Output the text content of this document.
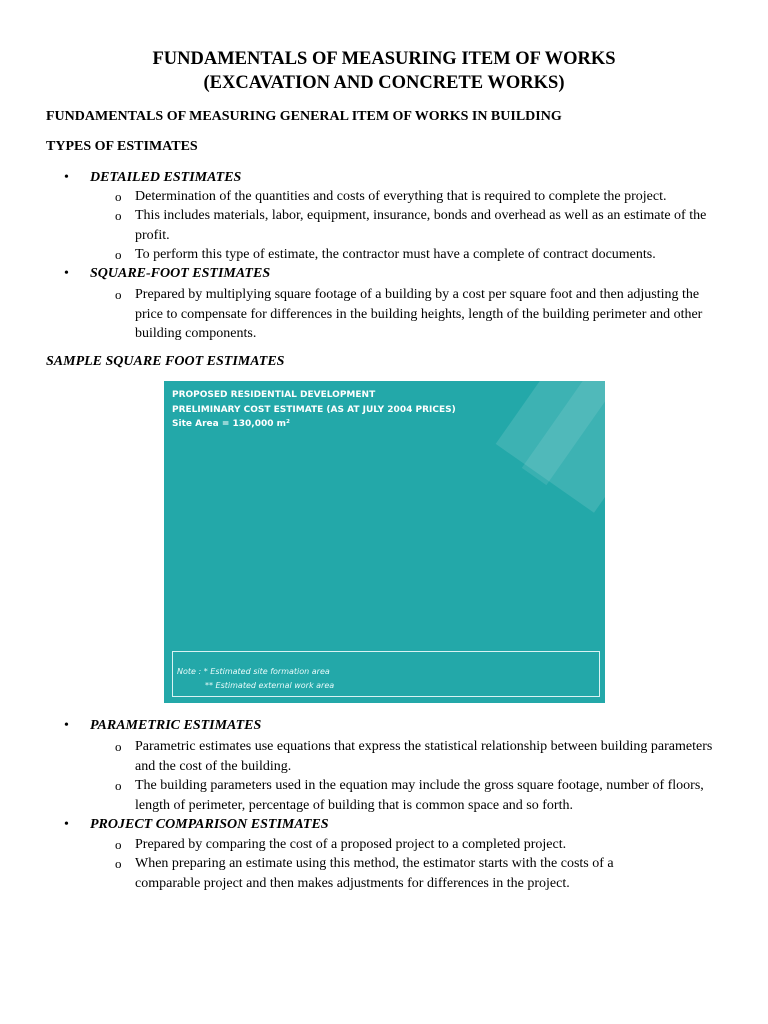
FUNDAMENTALS OF MEASURING ITEM OF WORKS
(EXCAVATION AND CONCRETE WORKS)
FUNDAMENTALS OF MEASURING GENERAL ITEM OF WORKS IN BUILDING
TYPES OF ESTIMATES
• DETAILED ESTIMATES
o Determination of the quantities and costs of everything that is required to complete the project.
o This includes materials, labor, equipment, insurance, bonds and overhead as well as an estimate of the profit.
o To perform this type of estimate, the contractor must have a complete of contract documents.
• SQUARE-FOOT ESTIMATES
o Prepared by multiplying square footage of a building by a cost per square foot and then adjusting the price to compensate for differences in the building heights, length of the building perimeter and other building components.
SAMPLE SQUARE FOOT ESTIMATES
PROPOSED RESIDENTIAL DEVELOPMENT
PRELIMINARY COST ESTIMATE (AS AT JULY 2004 PRICES)
Site Area = 130,000 m²

Note : * Estimated site formation area
** Estimated external work area
• PARAMETRIC ESTIMATES
o Parametric estimates use equations that express the statistical relationship between building parameters and the cost of the building.
o The building parameters used in the equation may include the gross square footage, number of floors, length of perimeter, percentage of building that is common space and so forth.
• PROJECT COMPARISON ESTIMATES
o Prepared by comparing the cost of a proposed project to a completed project.
o When preparing an estimate using this method, the estimator starts with the costs of a comparable project and then makes adjustments for differences in the project.
